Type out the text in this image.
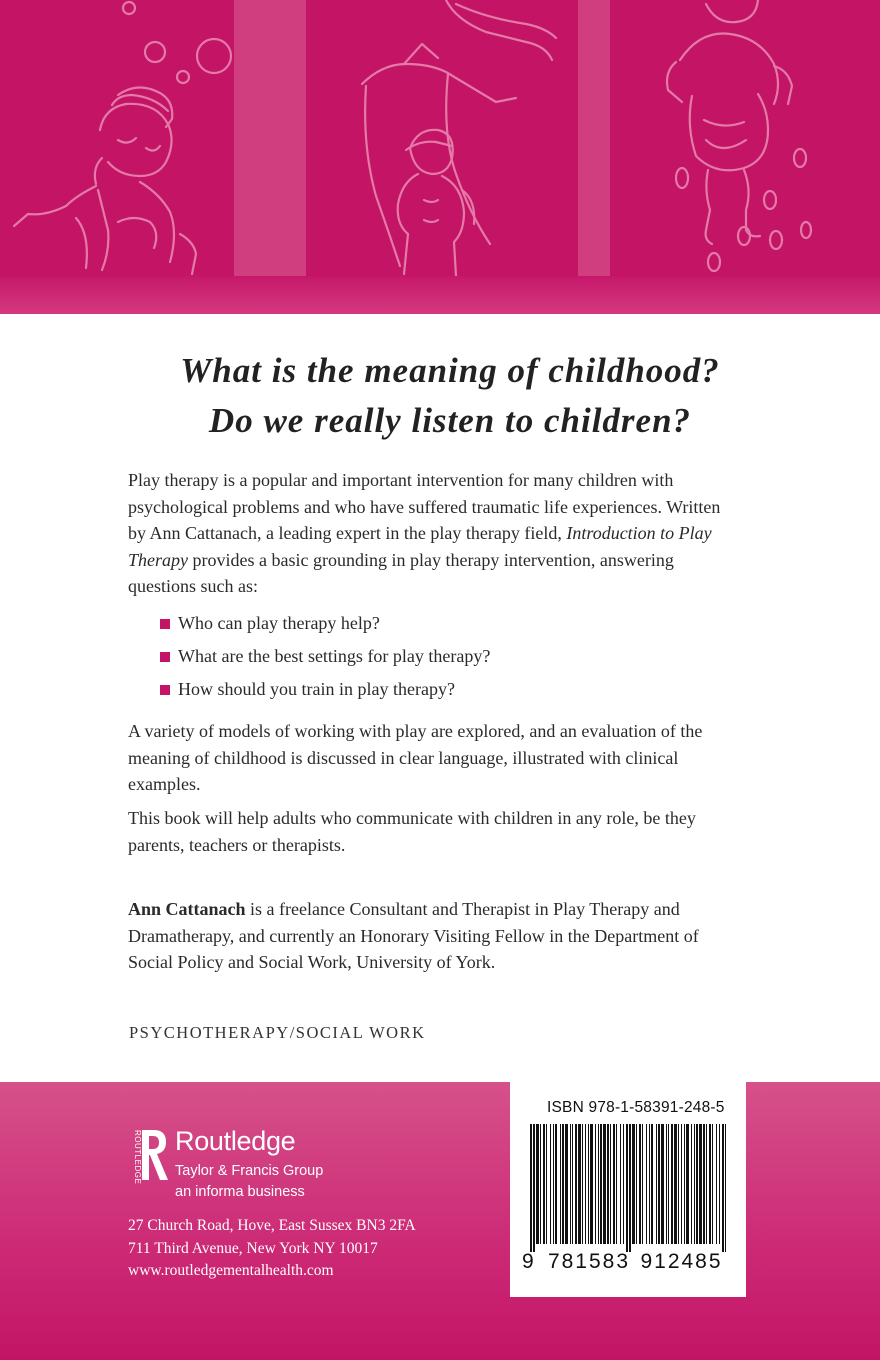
What is the meaning of childhood?
Do we really listen to children?

Play therapy is a popular and important intervention for many children with psychological problems and who have suffered traumatic life experiences. Written by Ann Cattanach, a leading expert in the play therapy field, Introduction to Play Therapy provides a basic grounding in play therapy intervention, answering questions such as:

Who can play therapy help?
What are the best settings for play therapy?
How should you train in play therapy?
A variety of models of working with play are explored, and an evaluation of the meaning of childhood is discussed in clear language, illustrated with clinical examples.
This book will help adults who communicate with children in any role, be they parents, teachers or therapists.
Ann Cattanach is a freelance Consultant and Therapist in Play Therapy and Dramatherapy, and currently an Honorary Visiting Fellow in the Department of Social Policy and Social Work, University of York.
PSYCHOTHERAPY/SOCIAL WORK
ROUTLEDGE Routledge
Taylor & Francis Group
an informa business
27 Church Road, Hove, East Sussex BN3 2FA
711 Third Avenue, New York NY 10017
www.routledgementalhealth.com
ISBN 978-1-58391-248-5
9 781583 912485
